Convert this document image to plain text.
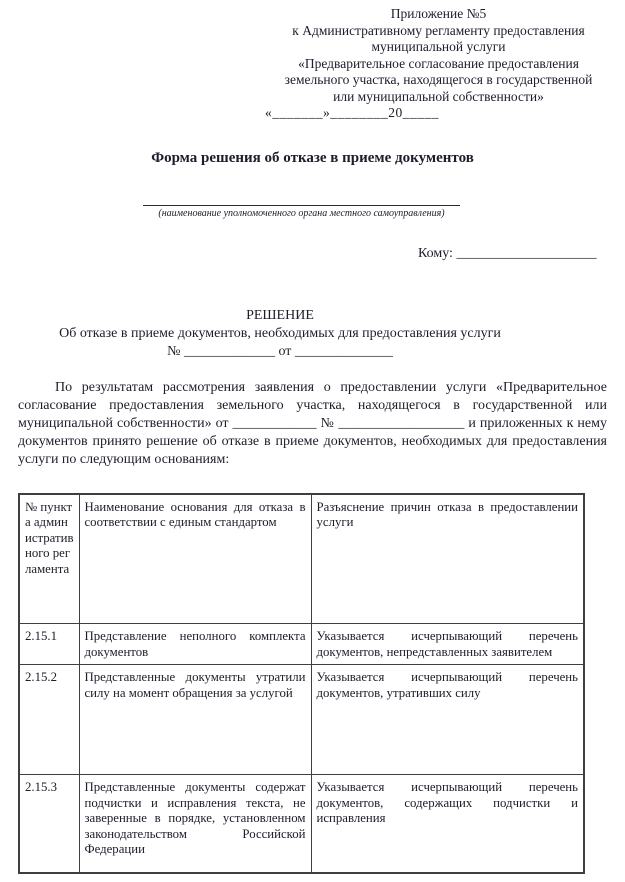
Приложение №5
к Административному регламенту предоставления
муниципальной услуги
«Предварительное согласование предоставления
земельного участка, находящегося в государственной
или муниципальной собственности»
«_______»________20_____
Форма решения об отказе в приеме документов
(наименование уполномоченного органа местного самоуправления)
Кому: ____________________
РЕШЕНИЕ
Об отказе в приеме документов, необходимых для предоставления услуги
№ _____________ от ______________
По результатам рассмотрения заявления о предоставлении услуги «Предварительное согласование предоставления земельного участка, находящегося в государственной или муниципальной собственности» от ____________ № __________________ и приложенных к нему документов принято решение об отказе в приеме документов, необходимых для предоставления услуги по следующим основаниям:
№ пункта административного регламента	Наименование основания для отказа в соответствии с единым стандартом	Разъяснение причин отказа в предоставлении услуги
2.15.1	Представление неполного комплекта документов	Указывается исчерпывающий перечень документов, непредставленных заявителем
2.15.2	Представленные документы утратили силу на момент обращения за услугой	Указывается исчерпывающий перечень документов, утративших силу
2.15.3	Представленные документы содержат подчистки и исправления текста, не заверенные в порядке, установленном законодательством Российской Федерации	Указывается исчерпывающий перечень документов, содержащих подчистки и исправления
